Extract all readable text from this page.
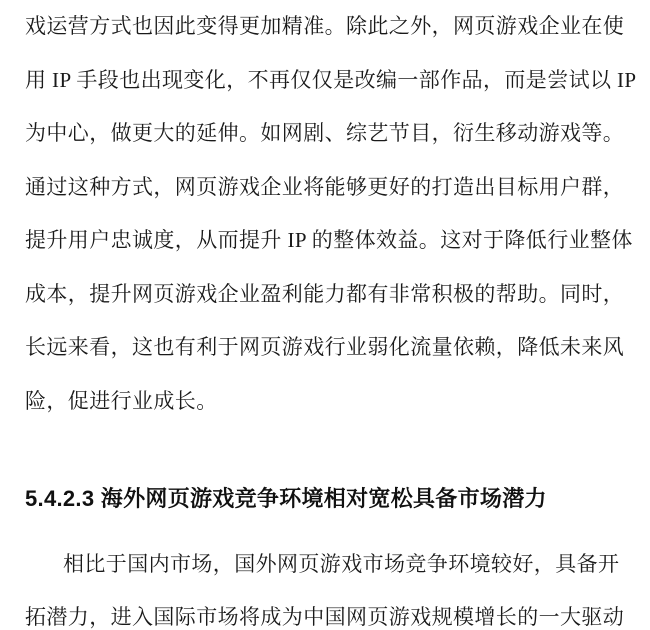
戏运营方式也因此变得更加精准。除此之外，网页游戏企业在使
用 IP 手段也出现变化，不再仅仅是改编一部作品，而是尝试以 IP
为中心，做更大的延伸。如网剧、综艺节目，衍生移动游戏等。
通过这种方式，网页游戏企业将能够更好的打造出目标用户群，
提升用户忠诚度，从而提升 IP 的整体效益。这对于降低行业整体
成本，提升网页游戏企业盈利能力都有非常积极的帮助。同时，
长远来看，这也有利于网页游戏行业弱化流量依赖，降低未来风
险，促进行业成长。
5.4.2.3 海外网页游戏竞争环境相对宽松具备市场潜力
相比于国内市场，国外网页游戏市场竞争环境较好，具备开
拓潜力，进入国际市场将成为中国网页游戏规模增长的一大驱动
